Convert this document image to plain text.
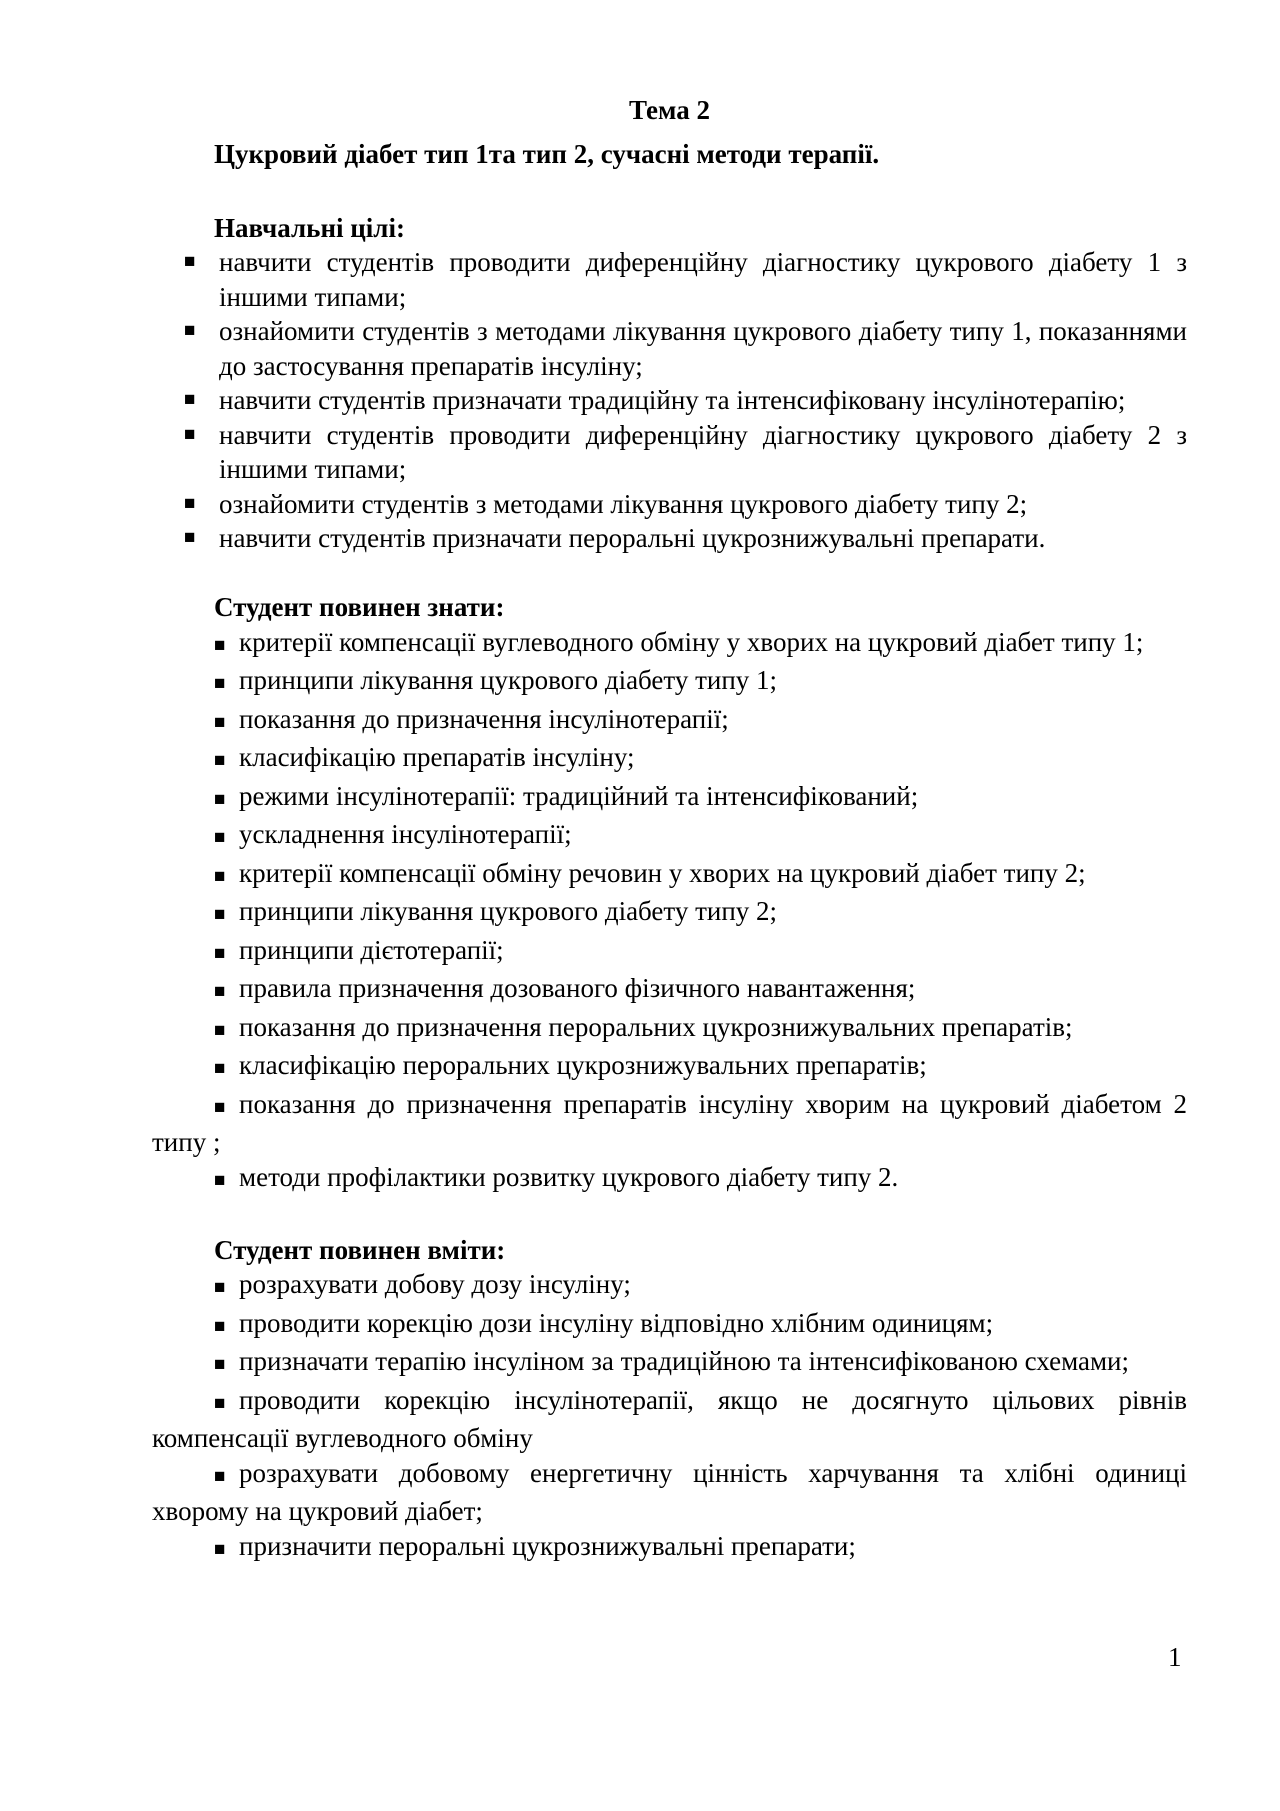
Тема 2

Цукровий діабет тип 1та тип 2, сучасні методи терапії.

Навчальні цілі:
■ навчити студентів проводити диференційну діагностику цукрового діабету 1 з іншими типами;
■ ознайомити студентів з методами лікування цукрового діабету типу 1, показаннями до застосування препаратів інсуліну;
■ навчити студентів призначати традиційну та інтенсифіковану інсулінотерапію;
■ навчити студентів проводити диференційну діагностику цукрового діабету 2 з іншими типами;
■ ознайомити студентів з методами лікування цукрового діабету типу 2;
■ навчити студентів призначати пероральні цукрознижувальні препарати.
Студент повинен знати:
■ критерії компенсації вуглеводного обміну у хворих на цукровий діабет типу 1;
■ принципи лікування цукрового діабету типу 1;
■ показання до призначення інсулінотерапії;
■ класифікацію препаратів інсуліну;
■ режими інсулінотерапії: традиційний та інтенсифікований;
■ ускладнення інсулінотерапії;
■ критерії компенсації обміну речовин у хворих на цукровий діабет типу 2;
■ принципи лікування цукрового діабету типу 2;
■ принципи дієтотерапії;
■ правила призначення дозованого фізичного навантаження;
■ показання до призначення пероральних цукрознижувальних препаратів;
■ класифікацію пероральних цукрознижувальних препаратів;
■ показання до призначення препаратів інсуліну хворим на цукровий діабетом 2 типу ;
■ методи профілактики розвитку цукрового діабету типу 2.
Студент повинен вміти:
■ розрахувати добову дозу інсуліну;
■ проводити корекцію дози інсуліну відповідно хлібним одиницям;
■ призначати терапію інсуліном за традиційною та інтенсифікованою схемами;
■ проводити корекцію інсулінотерапії, якщо не досягнуто цільових рівнів компенсації вуглеводного обміну
■ розрахувати добовому енергетичну цінність харчування та хлібні одиниці хворому на цукровий діабет;
■ призначити пероральні цукрознижувальні препарати;
1
